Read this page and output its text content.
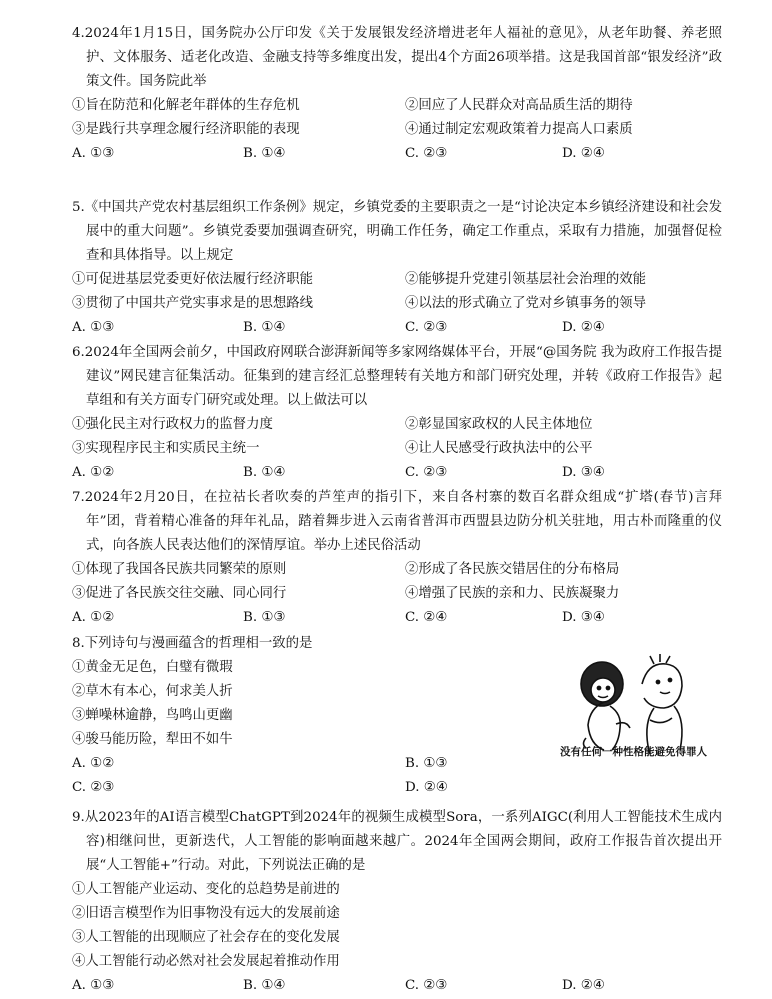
4.2024年1月15日，国务院办公厅印发《关于发展银发经济增进老年人福祉的意见》，从老年助餐、养老照护、文体服务、适老化改造、金融支持等多维度出发，提出4个方面26项举措。这是我国首部“银发经济”政策文件。国务院此举
①旨在防范和化解老年群体的生存危机	②回应了人民群众对高品质生活的期待
③是践行共享理念履行经济职能的表现	④通过制定宏观政策着力提高人口素质
A. ①③	B. ①④	C. ②③	D. ②④
5.《中国共产党农村基层组织工作条例》规定，乡镇党委的主要职责之一是“讨论决定本乡镇经济建设和社会发展中的重大问题”。乡镇党委要加强调查研究，明确工作任务，确定工作重点，采取有力措施，加强督促检查和具体指导。以上规定
①可促进基层党委更好依法履行经济职能	②能够提升党建引领基层社会治理的效能
③贯彻了中国共产党实事求是的思想路线	④以法的形式确立了党对乡镇事务的领导
A. ①③	B. ①④	C. ②③	D. ②④
6.2024年全国两会前夕，中国政府网联合澎湃新闻等多家网络媒体平台，开展“@国务院 我为政府工作报告提建议”网民建言征集活动。征集到的建言经汇总整理转有关地方和部门研究处理，并转《政府工作报告》起草组和有关方面专门研究或处理。以上做法可以
①强化民主对行政权力的监督力度	②彰显国家政权的人民主体地位
③实现程序民主和实质民主统一	④让人民感受行政执法中的公平
A. ①②	B. ①④	C. ②③	D. ③④
7.2024年2月20日，在拉祜长者吹奏的芦笙声的指引下，来自各村寨的数百名群众组成“扩塔(春节)言拜年”团，背着精心准备的拜年礼品，踏着舞步进入云南省普洱市西盟县边防分机关驻地，用古朴而隆重的仪式，向各族人民表达他们的深情厚谊。举办上述民俗活动
①体现了我国各民族共同繁荣的原则	②形成了各民族交错居住的分布格局
③促进了各民族交往交融、同心同行	④增强了民族的亲和力、民族凝聚力
A. ①②	B. ①③	C. ②④	D. ③④
8.下列诗句与漫画蕴含的哲理相一致的是
①黄金无足色，白璧有微瑕
②草木有本心，何求美人折
③蝉噪林逾静，鸟鸣山更幽
④骏马能历险，犁田不如牛
A. ①②	B. ①③
C. ②③	D. ②④
没有任何一种性格能避免得罪人
9.从2023年的AI语言模型ChatGPT到2024年的视频生成模型Sora，一系列AIGC(利用人工智能技术生成内容)相继问世，更新迭代，人工智能的影响面越来越广。2024年全国两会期间，政府工作报告首次提出开展“人工智能+”行动。对此，下列说法正确的是
①人工智能产业运动、变化的总趋势是前进的
②旧语言模型作为旧事物没有远大的发展前途
③人工智能的出现顺应了社会存在的变化发展
④人工智能行动必然对社会发展起着推动作用
A. ①③	B. ①④	C. ②③	D. ②④
